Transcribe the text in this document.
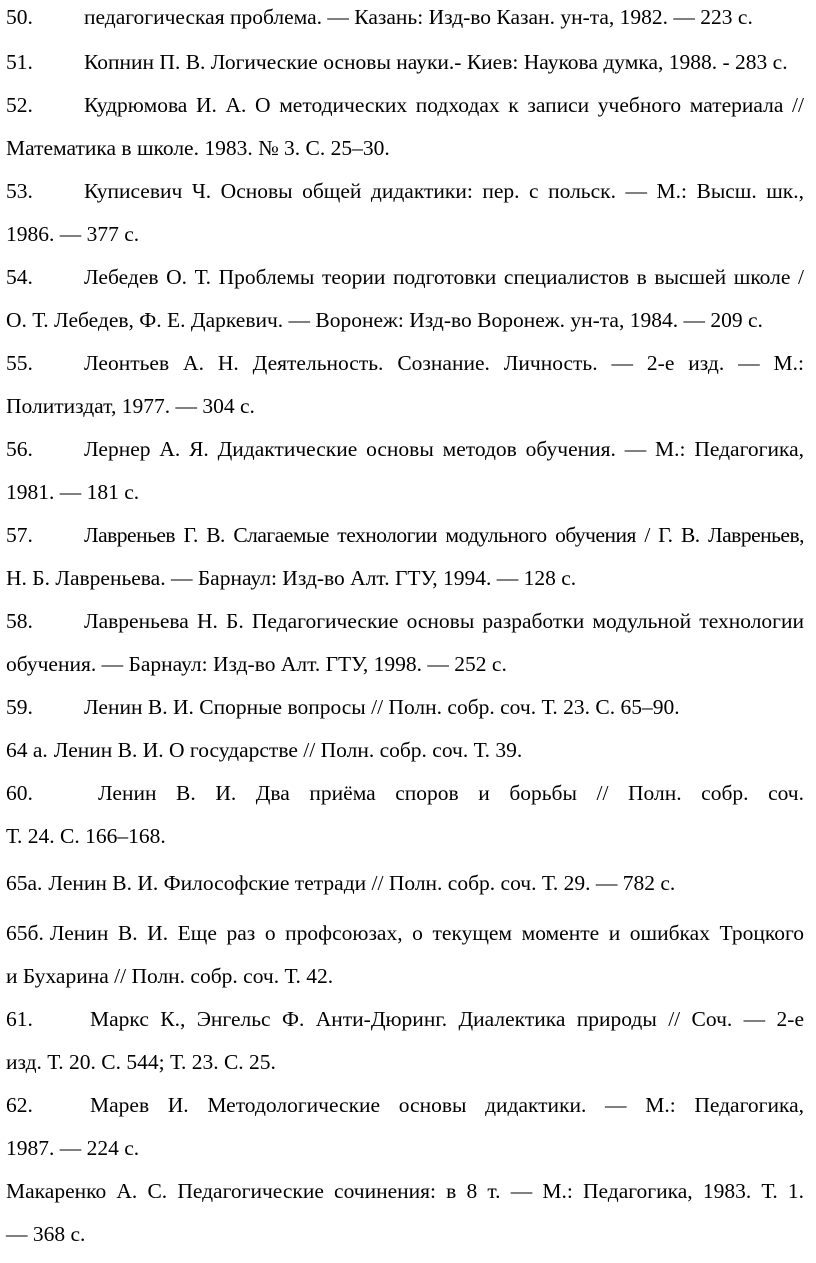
50. педагогическая проблема. — Казань: Изд-во Казан. ун-та, 1982. — 223 с.
51. Копнин П. В. Логические основы науки.- Киев: Наукова думка, 1988. - 283 с.
52. Кудрюмова И. А. О методических подходах к записи учебного материала //
Математика в школе. 1983. № 3. С. 25–30.
53. Куписевич Ч. Основы общей дидактики: пер. с польск. — М.: Высш. шк.,
1986. — 377 с.
54. Лебедев О. Т. Проблемы теории подготовки специалистов в высшей школе /
О. Т. Лебедев, Ф. Е. Даркевич. — Воронеж: Изд-во Воронеж. ун-та, 1984. — 209 с.
55. Леонтьев А. Н. Деятельность. Сознание. Личность. — 2-е изд. — М.:
Политиздат, 1977. — 304 с.
56. Лернер А. Я. Дидактические основы методов обучения. — М.: Педагогика,
1981. — 181 с.
57. Лавреньев Г. В. Слагаемые технологии модульного обучения / Г. В. Лавреньев,
Н. Б. Лавреньева. — Барнаул: Изд-во Алт. ГТУ, 1994. — 128 с.
58. Лавреньева Н. Б. Педагогические основы разработки модульной технологии
обучения. — Барнаул: Изд-во Алт. ГТУ, 1998. — 252 с.
59. Ленин В. И. Спорные вопросы // Полн. собр. соч. Т. 23. С. 65–90.
64 а. Ленин В. И. О государстве // Полн. собр. соч. Т. 39.
60.	Ленин В. И. Два приёма споров и борьбы // Полн. собр. соч.
Т. 24. С. 166–168.
65а. Ленин В. И. Философские тетради // Полн. собр. соч. Т. 29. — 782 с.
65б. Ленин В. И. Еще раз о профсоюзах, о текущем моменте и ошибках Троцкого
и Бухарина // Полн. собр. соч. Т. 42.
61.	Маркс К., Энгельс Ф. Анти-Дюринг. Диалектика природы // Соч. — 2-е
изд. Т. 20. С. 544; Т. 23. С. 25.
62.	Марев И. Методологические основы дидактики. — М.: Педагогика,
1987. — 224 с.
Макаренко А. С. Педагогические сочинения: в 8 т. — М.: Педагогика, 1983. Т. 1.
— 368 с.
